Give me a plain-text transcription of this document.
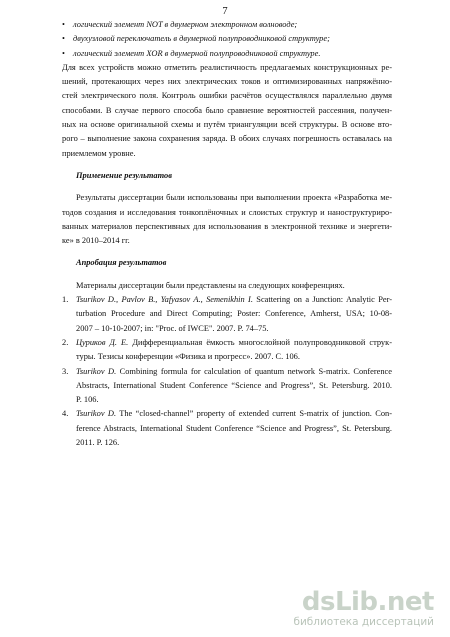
7
• логический элемент NOT в двумерном электронном волноводе;
• двухузловой переключатель в двумерной полупроводниковой структуре;
• логический элемент XOR в двумерной полупроводниковой структуре.
Для всех устройств можно отметить реалистичность предлагаемых конструкционных ре-
шений, протекающих через них электрических токов и оптимизированных напряжённо-
стей электрического поля. Контроль ошибки расчётов осуществлялся параллельно двумя
способами. В случае первого способа было сравнение вероятностей рассеяния, получен-
ных на основе оригинальной схемы и путём триангуляции всей структуры. В основе вто-
рого – выполнение закона сохранения заряда. В обоих случаях погрешность оставалась на
приемлемом уровне.
Применение результатов
Результаты диссертации были использованы при выполнении проекта «Разработка ме-
тодов создания и исследования тонкоплёночных и слоистых структур и наноструктуриро-
ванных материалов перспективных для использования в электронной технике и энергети-
ке» в 2010–2014 гг.
Апробация результатов
Материалы диссертации были представлены на следующих конференциях.
1. Tsurikov D., Pavlov B., Yafyasov A., Semenikhin I. Scattering on a Junction: Analytic Per-
turbation Procedure and Direct Computing; Poster: Conference, Amherst, USA; 10-08-
2007 – 10-10-2007; in: "Proc. of IWCE". 2007. P. 74–75.
2. Цуриков Д. Е. Дифференциальная ёмкость многослойной полупроводниковой струк-
туры. Тезисы конференции «Физика и прогресс». 2007. С. 106.
3. Tsurikov D. Combining formula for calculation of quantum network S-matrix. Conference
Abstracts, International Student Conference “Science and Progress”, St. Petersburg. 2010.
P. 106.
4. Tsurikov D. The “closed-channel” property of extended current S-matrix of junction. Con-
ference Abstracts, International Student Conference “Science and Progress”, St. Petersburg.
2011. P. 126.
dsLib.net
библиотека диссертаций
